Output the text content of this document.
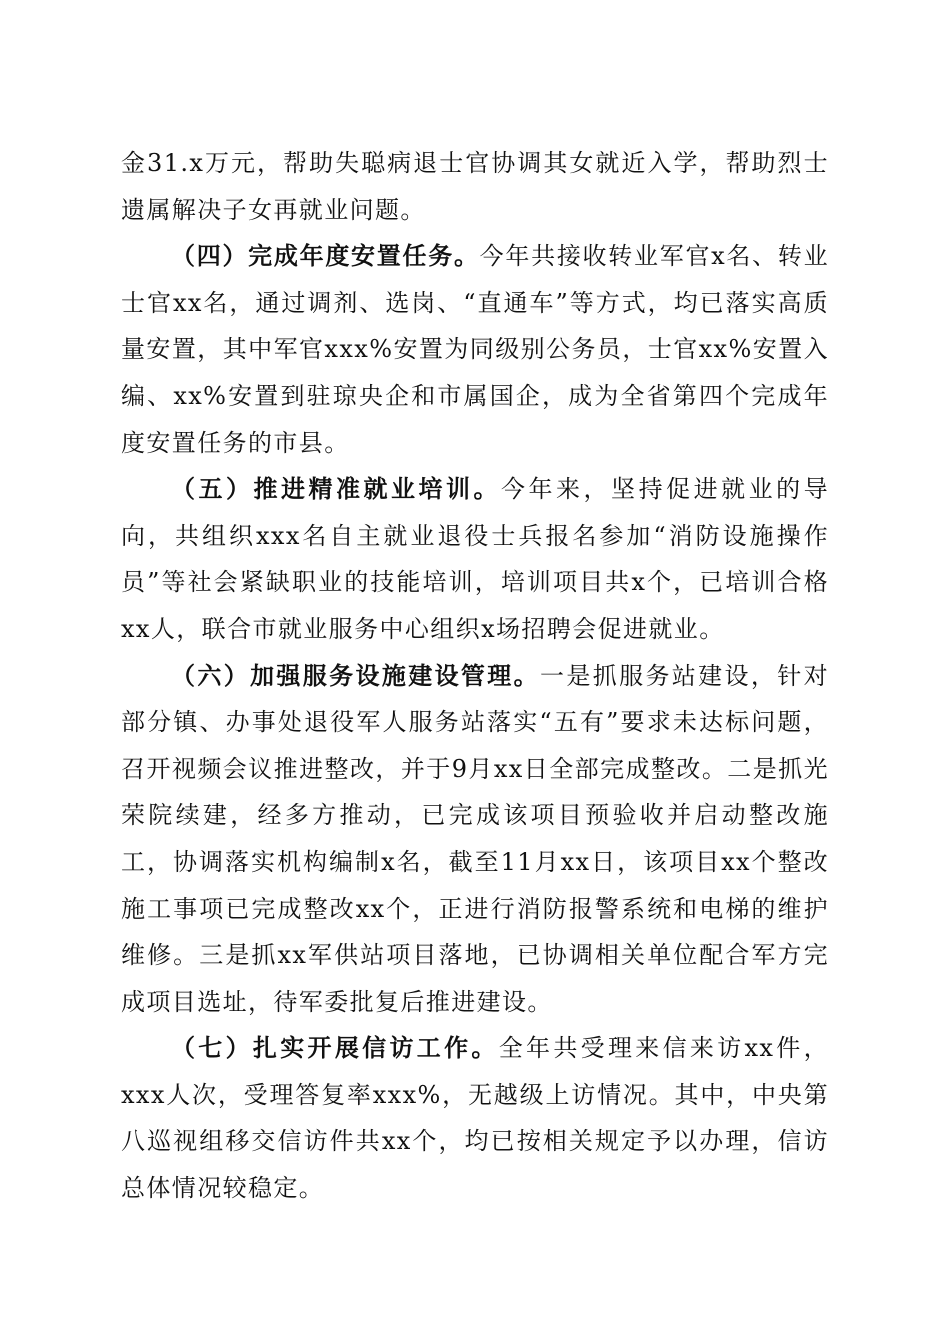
金31.x万元，帮助失聪病退士官协调其女就近入学，帮助烈士遗属解决子女再就业问题。

（四）完成年度安置任务。今年共接收转业军官x名、转业士官xx名，通过调剂、选岗、“直通车”等方式，均已落实高质量安置，其中军官xxx%安置为同级别公务员，士官xx%安置入编、xx%安置到驻琼央企和市属国企，成为全省第四个完成年度安置任务的市县。

（五）推进精准就业培训。今年来，坚持促进就业的导向，共组织xxx名自主就业退役士兵报名参加“消防设施操作员”等社会紧缺职业的技能培训，培训项目共x个，已培训合格xx人，联合市就业服务中心组织x场招聘会促进就业。

（六）加强服务设施建设管理。一是抓服务站建设，针对部分镇、办事处退役军人服务站落实“五有”要求未达标问题，召开视频会议推进整改，并于9月xx日全部完成整改。二是抓光荣院续建，经多方推动，已完成该项目预验收并启动整改施工，协调落实机构编制x名，截至11月xx日，该项目xx个整改施工事项已完成整改xx个，正进行消防报警系统和电梯的维护维修。三是抓xx军供站项目落地，已协调相关单位配合军方完成项目选址，待军委批复后推进建设。

（七）扎实开展信访工作。全年共受理来信来访xx件，xxx人次，受理答复率xxx%，无越级上访情况。其中，中央第八巡视组移交信访件共xx个，均已按相关规定予以办理，信访总体情况较稳定。
